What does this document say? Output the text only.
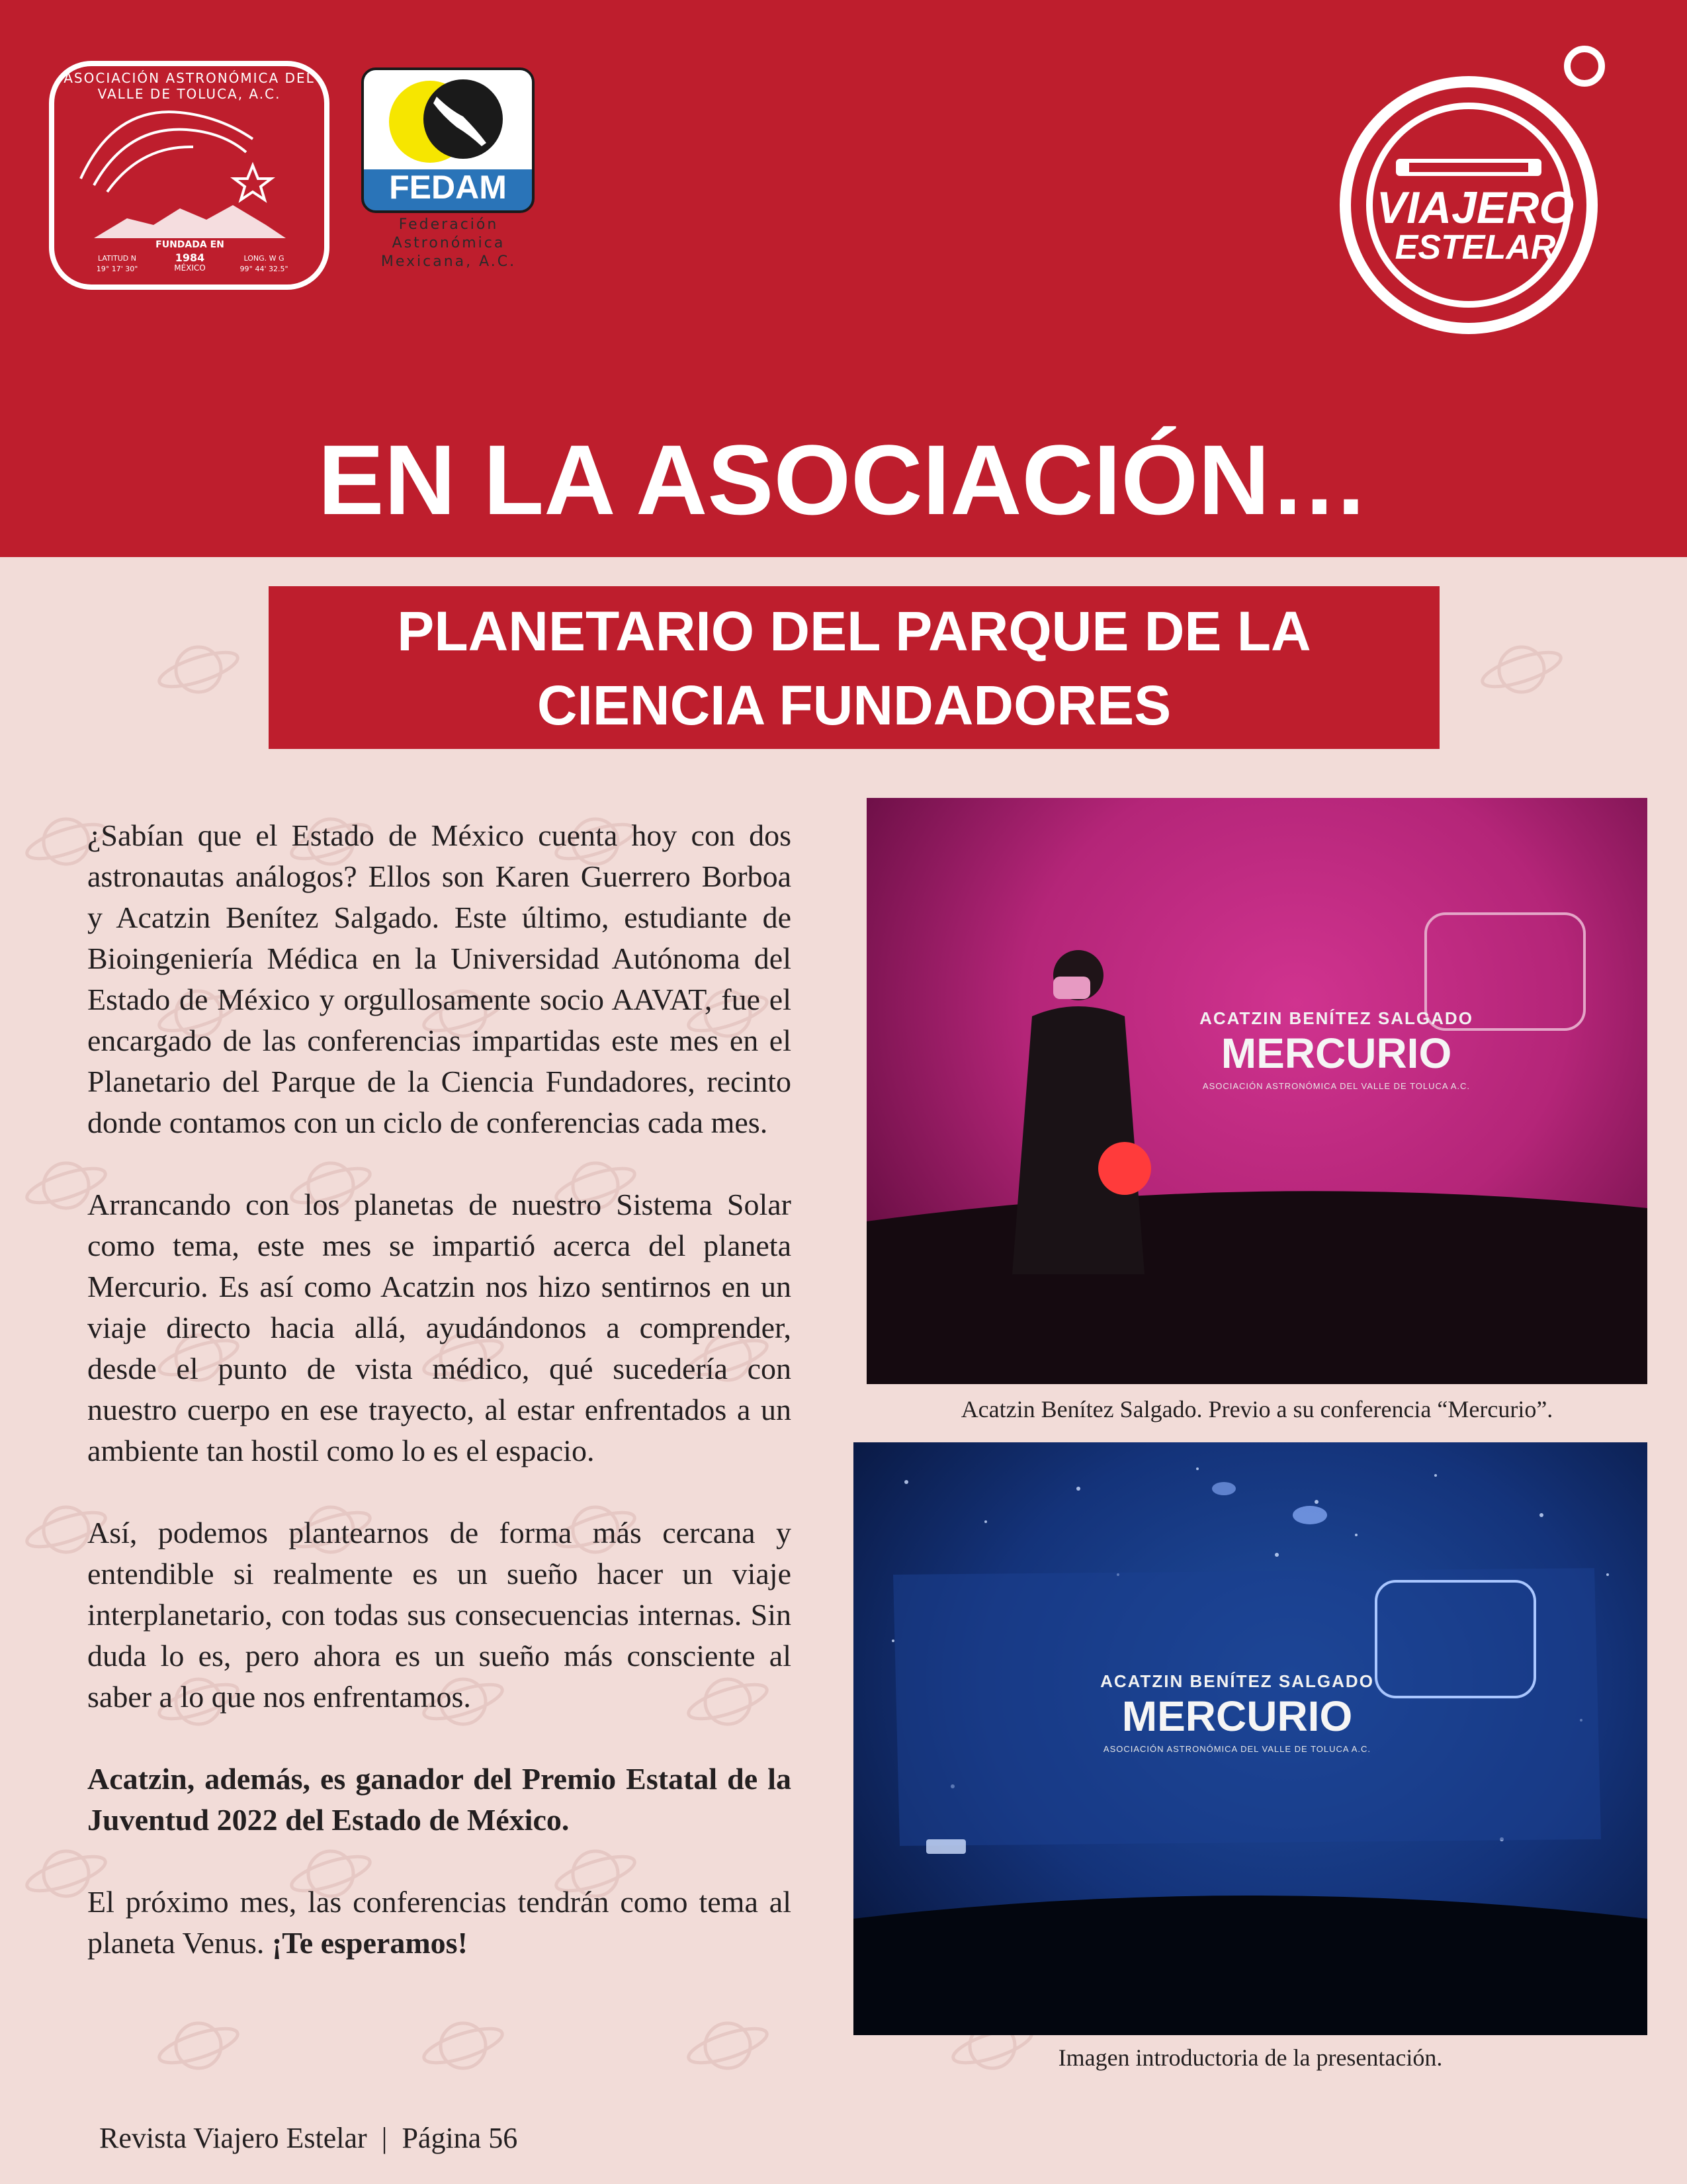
ASOCIACIÓN ASTRONÓMICA DEL VALLE DE TOLUCA, A.C.
FUNDADA EN
1984
MÉXICO
LATITUD N
19° 17' 30"
LONG. W G
99° 44' 32.5"
FEDAM
Federación
Astronómica
Mexicana, A.C.
VIAJERO
ESTELAR
EN LA ASOCIACIÓN…
PLANETARIO DEL PARQUE DE LA
CIENCIA FUNDADORES

¿Sabían que el Estado de México cuenta hoy con dos astronautas análogos? Ellos son Karen Guerrero Borboa y Acatzin Benítez Salgado. Este último, estudiante de Bioingeniería Médica en la Universidad Autónoma del Estado de México y orgullosamente socio AAVAT, fue el encargado de las conferencias impartidas este mes en el Planetario del Parque de la Ciencia Fundadores, recinto donde contamos con un ciclo de conferencias cada mes.

Arrancando con los planetas de nuestro Sistema Solar como tema, este mes se impartió acerca del planeta Mercurio. Es así como Acatzin nos hizo sentirnos en un viaje directo hacia allá, ayudándonos a comprender, desde el punto de vista médico, qué sucedería con nuestro cuerpo en ese trayecto, al estar enfrentados a un ambiente tan hostil como lo es el espacio.

Así, podemos plantearnos de forma más cercana y entendible si realmente es un sueño hacer un viaje interplanetario, con todas sus consecuencias internas. Sin duda lo es, pero ahora es un sueño más consciente al saber a lo que nos enfrentamos.

Acatzin, además, es ganador del Premio Estatal de la Juventud 2022 del Estado de México.

El próximo mes, las conferencias tendrán como tema al planeta Venus. ¡Te esperamos!

ACATZIN BENÍTEZ SALGADO
MERCURIO
ASOCIACIÓN ASTRONÓMICA DEL VALLE DE TOLUCA A.C.
Acatzin Benítez Salgado. Previo a su conferencia “Mercurio”.
ACATZIN BENÍTEZ SALGADO
MERCURIO
ASOCIACIÓN ASTRONÓMICA DEL VALLE DE TOLUCA A.C.
Imagen introductoria de la presentación.
Revista Viajero Estelar | Página 56
